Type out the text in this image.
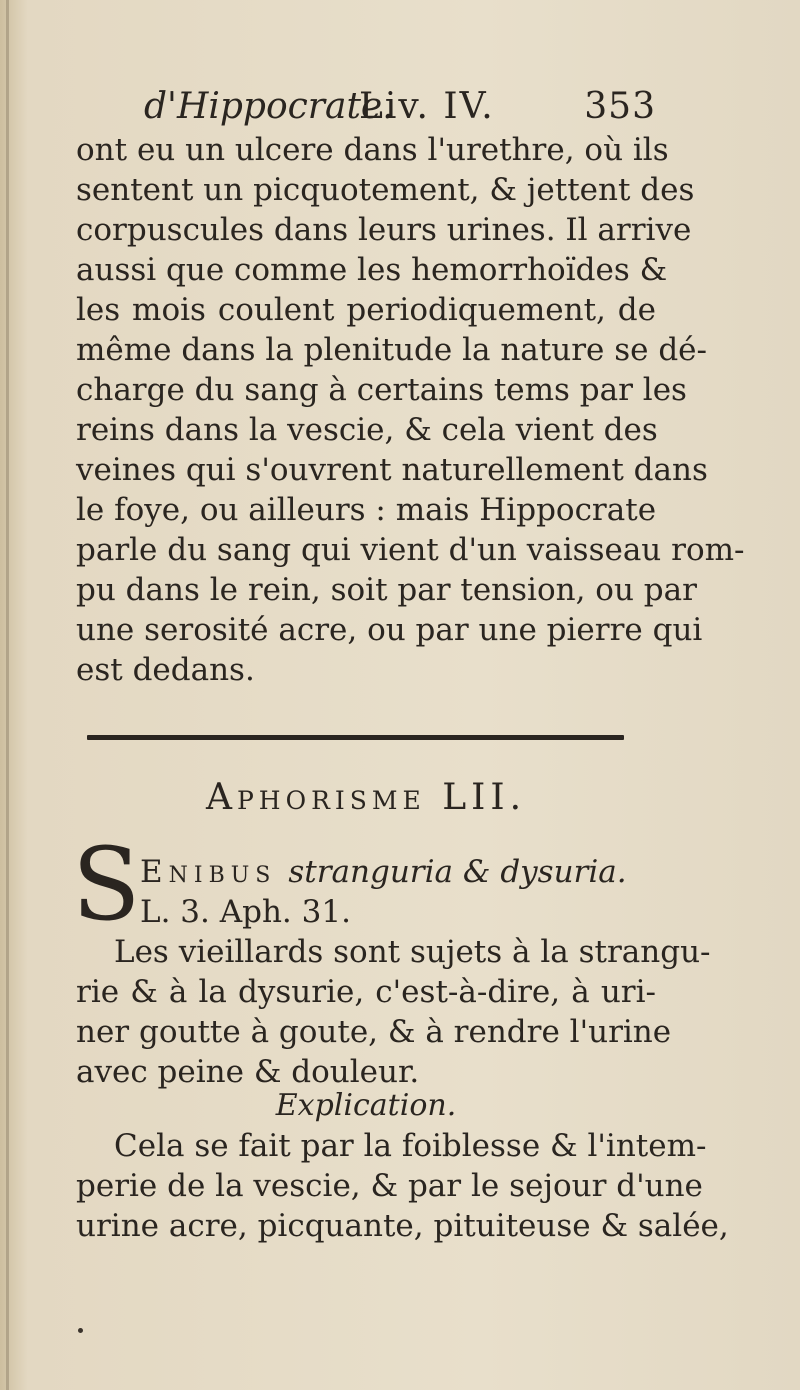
d'Hippocrate.
Liv. IV. 353
ont eu un ulcere dans l'urethre, où ils
sentent un picquotement, & jettent des
corpuscules dans leurs urines. Il arrive
aussi que comme les hemorrhoïdes &
les mois coulent periodiquement, de
même dans la plenitude la nature se dé-
charge du sang à certains tems par les
reins dans la vescie, & cela vient des
veines qui s'ouvrent naturellement dans
le foye, ou ailleurs : mais Hippocrate
parle du sang qui vient d'un vaisseau rom-
pu dans le rein, soit par tension, ou par
une serosité acre, ou par une pierre qui
est dedans.
Aphorisme LII.
S Enibus stranguria & dysuria.
L. 3. Aph. 31.
Les vieillards sont sujets à la strangu-
rie & à la dysurie, c'est-à-dire, à uri-
ner goutte à goute, & à rendre l'urine
avec peine & douleur.
Explication.
Cela se fait par la foiblesse & l'intem-
perie de la vescie, & par le sejour d'une
urine acre, picquante, pituiteuse & salée,
